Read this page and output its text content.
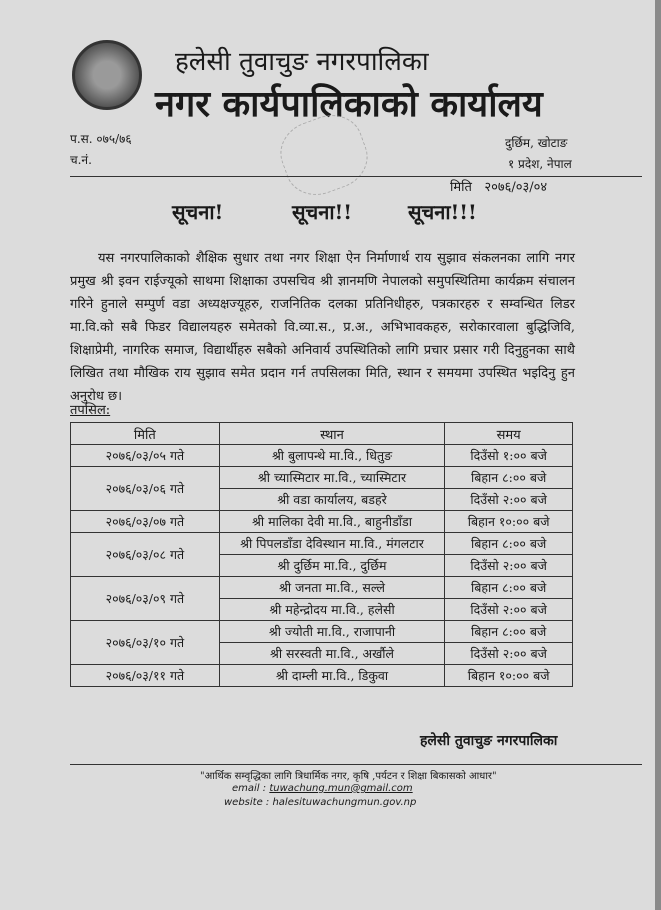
हलेसी तुवाचुङ नगरपालिका
नगर कार्यपालिकाको कार्यालय
प.स. ०७५/७६
च.नं.
दुर्छिम, खोटाङ
१ प्रदेश, नेपाल
मिति २०७६/०३/०४
सूचना!	सूचना!!	सूचना!!!
यस नगरपालिकाको शैक्षिक सुधार तथा नगर शिक्षा ऐन निर्माणार्थ राय सुझाव संकलनका लागि नगर प्रमुख श्री इवन राईज्यूको साथमा शिक्षाका उपसचिव श्री ज्ञानमणि नेपालको समुपस्थितिमा कार्यक्रम संचालन गरिने हुनाले सम्पुर्ण वडा अध्यक्षज्यूहरु, राजनितिक दलका प्रतिनिधीहरु, पत्रकारहरु र सम्वन्धित लिडर मा.वि.को सबै फिडर विद्यालयहरु समेतको वि.व्या.स., प्र.अ., अभिभावकहरु, सरोकारवाला बुद्धिजिवि, शिक्षाप्रेमी, नागरिक समाज, विद्यार्थीहरु सबैको अनिवार्य उपस्थितिको लागि प्रचार प्रसार गरी दिनुहुनका साथै लिखित तथा मौखिक राय सुझाव समेत प्रदान गर्न तपसिलका मिति, स्थान र समयमा उपस्थित भइदिनु हुन अनुरोध छ।
तपसिल:
मिति	स्थान	समय
२०७६/०३/०५ गते	श्री बुलापन्थे मा.वि., धितुङ	दिउँसो १:०० बजे
२०७६/०३/०६ गते	श्री च्यास्मिटार मा.वि., च्यास्मिटार	बिहान ८:०० बजे
	श्री वडा कार्यालय, बडहरे	दिउँसो २:०० बजे
२०७६/०३/०७ गते	श्री मालिका देवी मा.वि., बाहुनीडाँडा	बिहान १०:०० बजे
२०७६/०३/०८ गते	श्री पिपलडाँडा देविस्थान मा.वि., मंगलटार	बिहान ८:०० बजे
	श्री दुर्छिम मा.वि., दुर्छिम	दिउँसो २:०० बजे
२०७६/०३/०९ गते	श्री जनता मा.वि., सल्ले	बिहान ८:०० बजे
	श्री महेन्द्रोदय मा.वि., हलेसी	दिउँसो २:०० बजे
२०७६/०३/१० गते	श्री ज्योती मा.वि., राजापानी	बिहान ८:०० बजे
	श्री सरस्वती मा.वि., अर्खौले	दिउँसो २:०० बजे
२०७६/०३/११ गते	श्री दाम्ली मा.वि., डिकुवा	बिहान १०:०० बजे
हलेसी तुवाचुङ नगरपालिका
"आर्थिक सम्वृद्धिका लागि त्रिधार्मिक नगर, कृषि ,पर्यटन र शिक्षा बिकासको आधार"
email : tuwachung.mun@gmail.com
website : halesituwachungmun.gov.np
